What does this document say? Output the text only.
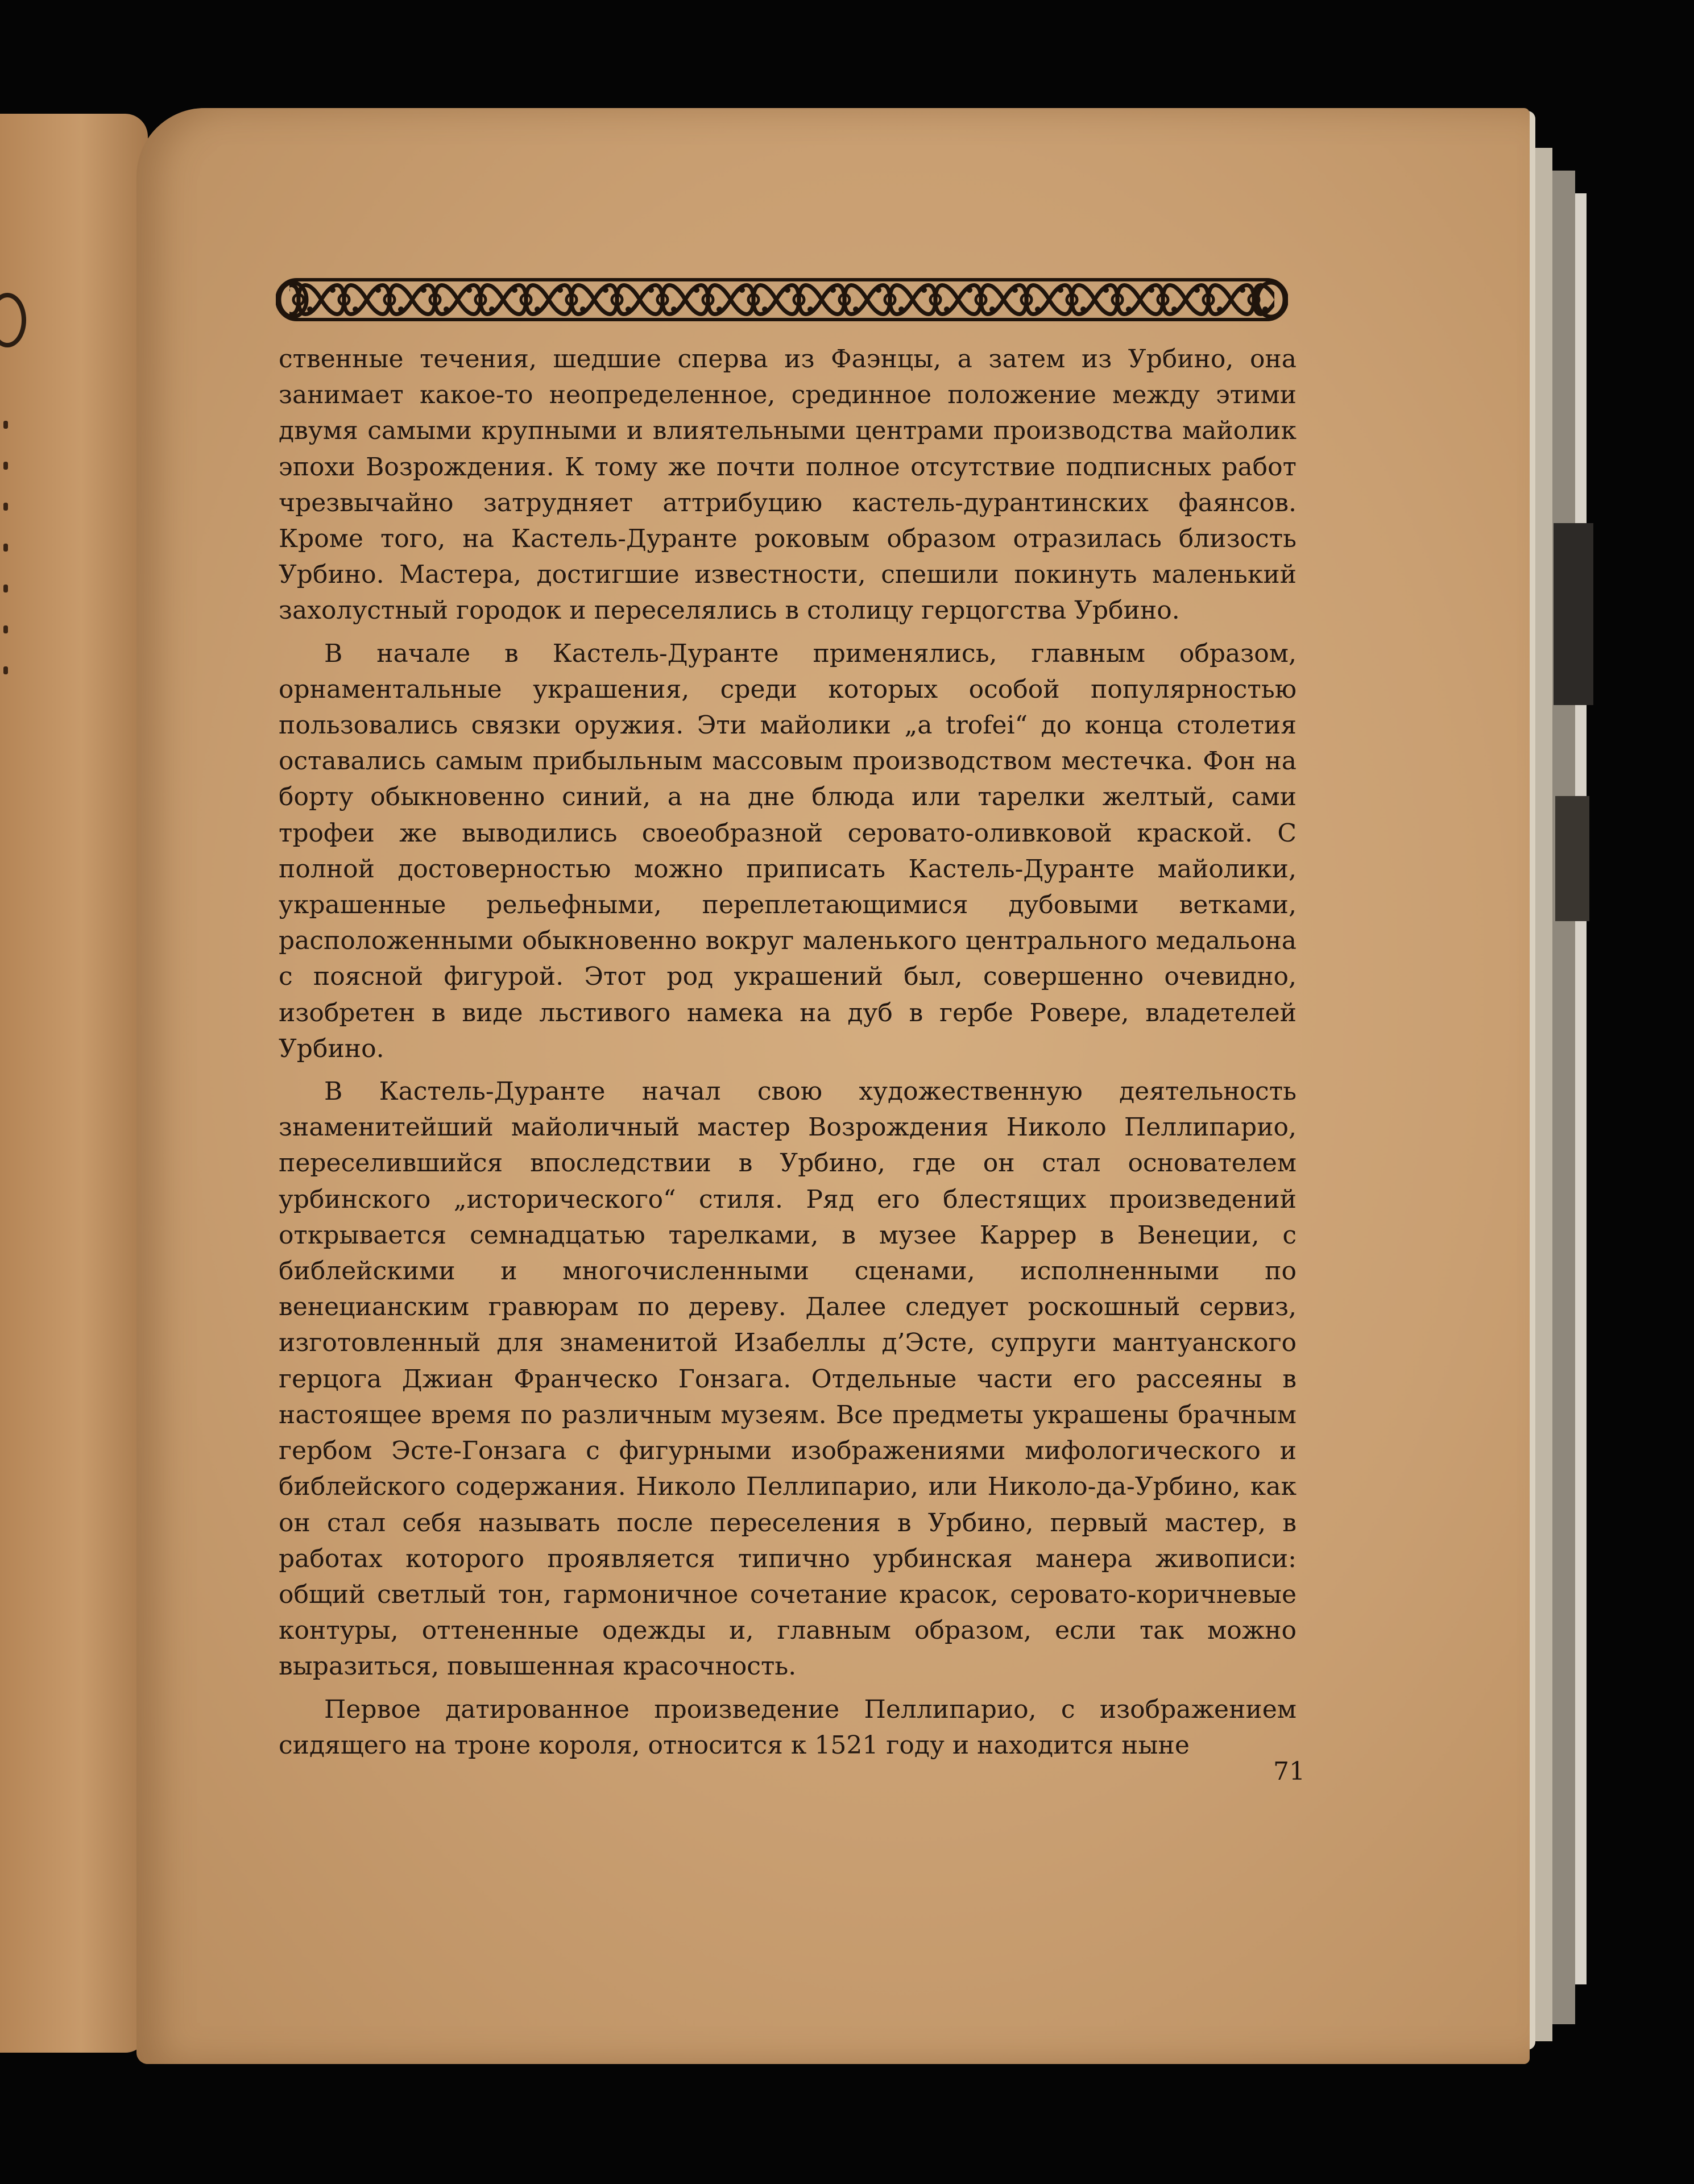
ственные течения, шедшие сперва из Фаэнцы, а затем из Урбино, она занимает какое-то неопределенное, срединное положение между этими двумя самыми крупными и влиятельными центрами производства майолик эпохи Возрождения. К тому же почти полное отсутствие подписных работ чрезвычайно затрудняет аттрибуцию кастель-дурантинских фаянсов. Кроме того, на Кастель-Дуранте роковым образом отразилась близость Урбино. Мастера, достигшие известности, спешили покинуть маленький захолустный городок и переселялись в столицу герцогства Урбино.

В начале в Кастель-Дуранте применялись, главным образом, орнаментальные украшения, среди которых особой популярностью пользовались связки оружия. Эти майолики „a trofei“ до конца столетия оставались самым прибыльным массовым производством местечка. Фон на борту обыкновенно синий, а на дне блюда или тарелки желтый, сами трофеи же выводились своеобразной серовато-оливковой краской. С полной достоверностью можно приписать Кастель-Дуранте майолики, украшенные рельефными, переплетающимися дубовыми ветками, расположенными обыкновенно вокруг маленького центрального медальона с поясной фигурой. Этот род украшений был, совершенно очевидно, изобретен в виде льстивого намека на дуб в гербе Ровере, владетелей Урбино.

В Кастель-Дуранте начал свою художественную деятельность знаменитейший майоличный мастер Возрождения Николо Пеллипарио, переселившийся впоследствии в Урбино, где он стал основателем урбинского „исторического“ стиля. Ряд его блестящих произведений открывается семнадцатью тарелками, в музее Каррер в Венеции, с библейскими и многочисленными сценами, исполненными по венецианским гравюрам по дереву. Далее следует роскошный сервиз, изготовленный для знаменитой Изабеллы д’Эсте, супруги мантуанского герцога Джиан Франческо Гонзага. Отдельные части его рассеяны в настоящее время по различным музеям. Все предметы украшены брачным гербом Эсте-Гонзага с фигурными изображениями мифологического и библейского содержания. Николо Пеллипарио, или Николо-да-Урбино, как он стал себя называть после переселения в Урбино, первый мастер, в работах которого проявляется типично урбинская манера живописи: общий светлый тон, гармоничное сочетание красок, серовато-коричневые контуры, оттененные одежды и, главным образом, если так можно выразиться, повышенная красочность.

Первое датированное произведение Пеллипарио, с изображением сидящего на троне короля, относится к 1521 году и находится ныне

71
